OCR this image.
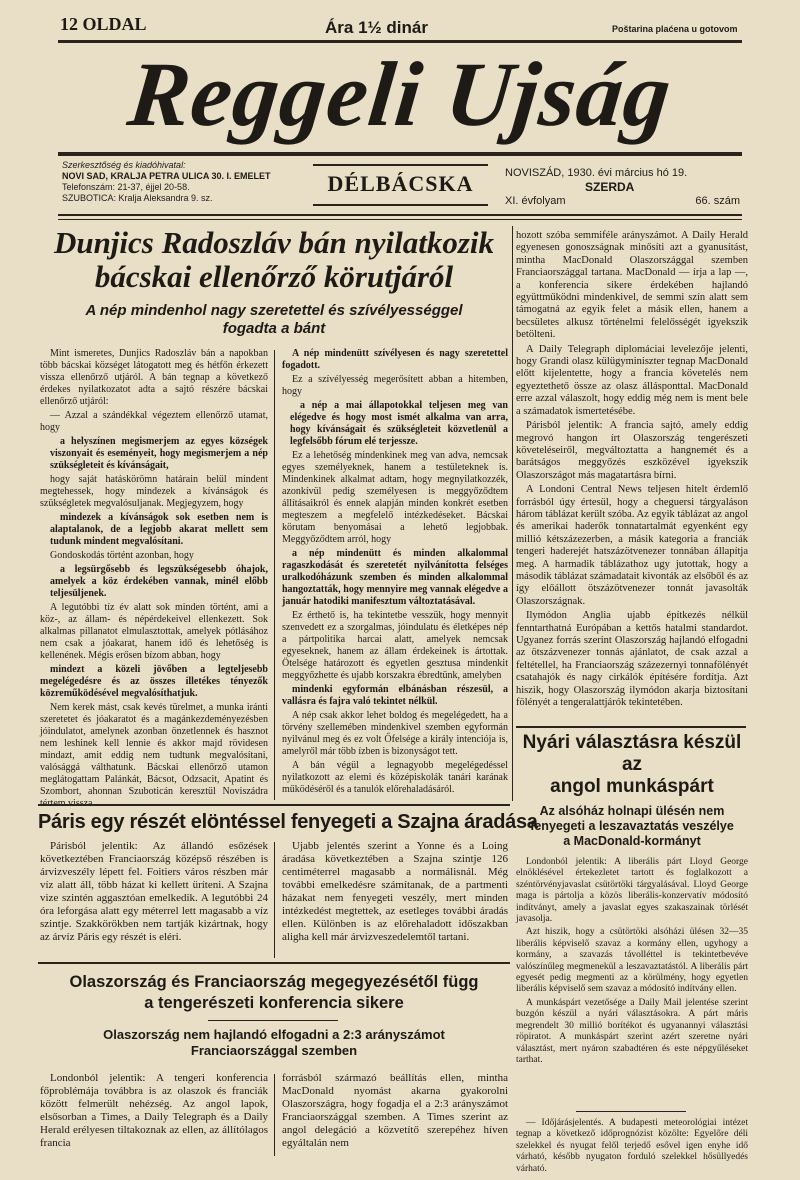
12 OLDAL	Ára 1½ dinár	Poštarina plaćena u gotovom
Reggeli Ujság
Szerkesztőség és kiadóhivatal:
NOVI SAD, KRALJA PETRA ULICA 30. I. EMELET
Telefonszám: 21-37, éjjel 20-58.
SZUBOTICA: Kralja Aleksandra 9. sz.
DÉLBÁCSKA	NOVISZÁD, 1930. évi március hó 19.
SZERDA
XI. évfolyam	66. szám
Dunjics Radoszláv bán nyilatkozik
bácskai ellenőrző körutjáról
A nép mindenhol nagy szeretettel és szívélyességgel
fogadta a bánt

Mint ismeretes, Dunjics Radoszláv bán a napokban több bácskai községet látogatott meg és hétfőn érkezett vissza ellenőrző utjáról. A bán tegnap a következő érdekes nyilatkozatot adta a sajtó részére bácskai ellenőrző utjáról:

— Azzal a szándékkal végeztem ellenőrző utamat, hogy

a helyszínen megismerjem az egyes községek viszonyait és eseményeit, hogy megismerjem a nép szükségleteit és kívánságait,

hogy saját hatáskörömn határain belül mindent megtehessek, hogy mindezek a kívánságok és szükségletek megvalósuljanak. Megjegyzem, hogy

mindezek a kívánságok sok esetben nem is alaptalanok, de a legjobb akarat mellett sem tudunk mindent megvalósítani.

Gondoskodás történt azonban, hogy

a legsürgősebb és legszükségesebb óhajok, amelyek a köz érdekében vannak, minél előbb teljesüljenek.

A legutóbbi tíz év alatt sok minden történt, ami a köz-, az állam- és népérdekeivel ellenkezett. Sok alkalmas pillanatot elmulasztottak, amelyek pótlásához nem csak a jóakarat, hanem idő és lehetőség is kellenének. Mégis erősen bízom abban, hogy

mindezt a közeli jövőben a legteljesebb megelégedésre és az összes illetékes tényezők közreműködésével megvalósíthatjuk.

Nem kerek mást, csak kevés türelmet, a munka iránti szeretetet és jóakaratot és a magánkezdeményezésben jóindulatot, amelynek azonban önzetlennek és hasznot nem leshinek kell lennie és akkor majd rövidesen mindazt, amit eddig nem tudtunk megvalósítani, valósággá válthatunk. Bácskai ellenőrző utamon meglátogattam Palánkát, Bácsot, Odzsacit, Apatint és Szombort, ahonnan Szuboticán keresztül Noviszádra

A nép mindenütt szívélyesen és nagy szeretettel fogadott.

Ez a szívélyesség megerősített abban a hitemben, hogy

a nép a mai állapotokkal teljesen meg van elégedve és hogy most ismét alkalma van arra, hogy kívánságait és szükségleteit közvetlenül a legfelsőbb fórum elé terjessze.

Ez a lehetőség mindenkinek meg van adva, nemcsak egyes személyeknek, hanem a testületeknek is. Mindenkinek alkalmat adtam, hogy megnyilatkozzék, azonkívül pedig személyesen is meggyőződtem állításaikról és ennek alapján minden konkrét esetben megteszem a megfelelő intézkedéseket. Bácskai körutam benyomásai a lehető legjobbak. Meggyőződtem arról, hogy

a nép mindenütt és minden alkalommal ragaszkodását és szeretetét nyilvánította felséges uralkodóházunk szemben és minden alkalommal hangoztatták, hogy mennyire meg vannak elégedve a január hatodiki manifesztum változtatásával.

Ez érthető is, ha tekintetbe vesszük, hogy mennyit szenvedett ez a szorgalmas, jóindulatu és életképes nép a pártpolitika harcai alatt, amelyek nemcsak egyeseknek, hanem az állam érdekeinek is ártottak. Ötelsége határozott és egyetlen gesztusa mindenkit meggyőzhette és ujabb korszakra ébredtünk, amelyben

mindenki egyformán elbánásban részesül, a vallásra és fajra való tekintet nélkül.

A nép csak akkor lehet boldog és megelégedett, ha a törvény szellemében mindenkivel szemben egyformán nyilvánul meg és ez volt Őfelsége a király intenciója is, amelyről már több ízben is bizonyságot tett.

A bán végül a legnagyobb megelégedéssel nyilatkozott az elemi és középiskolák tanári karának működéséről és a tanulók előrehaladásáról.

hozott szóba semmiféle arányszámot. A Daily Herald egyenesen gonoszságnak minősíti azt a gyanusítást, mintha MacDonald Olaszországgal szemben Franciaországgal tartana. MacDonald — írja a lap —, a konferencia sikere érdekében hajlandó együttműködni mindenkivel, de semmi szín alatt sem támogatná az egyik felet a másik ellen, hanem a becsületes alkusz történelmi felelősségét igyekszik betölteni.

A Daily Telegraph diplomáciai levelezője jelenti, hogy Grandi olasz külügyminiszter tegnap MacDonald előtt kijelentette, hogy a francia követelés nem egyeztethető össze az olasz állásponttal. MacDonald erre azzal válaszolt, hogy eddig még nem is ment bele a számadatok ismertetésébe.

Párisból jelentik: A francia sajtó, amely eddig megrovó hangon írt Olaszország tengerészeti követeléseiről, megváltoztatta a hangnemét és a barátságos meggyőzés eszközével igyekszik Olaszországot más magatartásra bírni.

A Londoni Central News teljesen hitelt érdemlő forrásból úgy értesül, hogy a cheguersi tárgyaláson három táblázat került szóba. Az egyik táblázat az angol és amerikai haderők tonnatartalmát egyenként egy millió kétszázezerben, a másik kategoria a franciák tengeri haderejét hatszázötvenezer tonnában állapítja meg. A harmadik táblázathoz ugy jutottak, hogy a második táblázat számadatait kivonták az elsőből és az így előállott ötszázötvenezer tonnát javasolták Olaszországnak.

Ilymódon Anglia ujabb építkezés nélkül fenntarthatná Európában a kettős hatalmi standardot. Ugyanez forrás szerint Olaszország hajlandó elfogadni az ötszázvenezer tonnás ajánlatot, de csak azzal a feltétellel, ha Franciaország százezernyi tonnafölényét csatahajók és nagy cirkálók építésére fordítja. Azt hiszik, hogy Olaszország ilymódon akarja biztosítani fölényét a tengeralattjárók tekintetében.

Nyári választásra készül az
angol munkáspárt
Az alsóház holnapi ülésén nem
fenyegeti a leszavaztatás veszélye
a MacDonald-kormányt

Londonból jelentik: A liberális párt Lloyd George elnöklésével értekezletet tartott és foglalkozott a széntörvényjavaslat csütörtöki tárgyalásával. Lloyd George maga is pártolja a közös liberális-konzervatív módosító indítványt, amely a javaslat egyes szakaszainak törlését javasolja.

Azt hiszik, hogy a csütörtöki alsóházi ülésen 32—35 liberális képviselő szavaz a kormány ellen, ugyhogy a kormány, a szavazás távolléttel is tekintetbevéve valószínűleg megmenekül a leszavaztatástól. A liberális párt egyesét pedig megmenti az a körülmény, hogy egyetlen liberális képviselő sem szavaz a módosító indítvány ellen.

A munkáspárt vezetősége a Daily Mail jelentése szerint buzgón készül a nyári választásokra. A párt máris megrendelt 30 millió borítékot és ugyanannyi választási röpiratot. A munkáspárt szerint azért szeretne nyári választást, mert nyáron szabadtéren és este népgyűléseket tarthat.

— Időjárásjelentés. A budapesti meteorológiai intézet tegnap a következő időprognózist közölte: Egyelőre déli szelekkel és nyugat felől terjedő esővel igen enyhe idő várható, később nyugaton forduló szelekkel hősüllyedés várható.

Páris egy részét elöntéssel fenyegeti a Szajna áradása

Párisból jelentik: Az állandó esőzések következtében Franciaország középső részében is árvizveszély lépett fel. Foitiers város részben már víz alatt áll, több házat ki kellett üríteni. A Szajna vize szintén aggasztóan emelkedik. A legutóbbi 24 óra leforgása alatt egy méterrel lett magasabb a víz szintje. Szakkörökben nem tartják kizártnak, hogy az árvíz Páris egy részét is eléri.

Ujabb jelentés szerint a Yonne és a Loing áradása következtében a Szajna szintje 126 centiméterrel magasabb a normálisnál. Még további emelkedésre számítanak, de a partmenti házakat nem fenyegeti veszély, mert minden intézkedést megtettek, az esetleges további áradás ellen. Különben is az előrehaladott időszakban aligha kell már árvizveszedelemtől tartani.

Olaszország és Franciaország megegyezésétől függ
a tengerészeti konferencia sikere
Olaszország nem hajlandó elfogadni a 2:3 arányszámot
Franciaországgal szemben

Londonból jelentik: A tengeri konferencia főproblémája továbbra is az olaszok és franciák között felmerült nehézség. Az angol lapok, elsősorban a Times, a Daily Telegraph és a Daily Herald erélyesen tiltakoznak az ellen, az állítólagos francia

forrásból származó beállítás ellen, mintha MacDonald nyomást akarna gyakorolni Olaszországra, hogy fogadja el a 2:3 arányszámot Franciaországgal szemben. A Times szerint az angol delegáció a közvetítő szerepéhez híven egyáltalán nem
